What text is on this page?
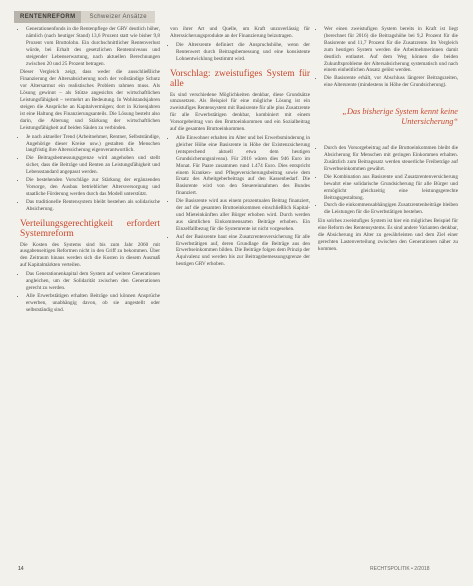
RENTENREFORM	Schweizer Ansätze
• Generationenfonds in die Rentenpflege der GRV deutlich höher, nämlich (nach heutiger Stand) 13,6 Prozent statt wie bisher 9,8 Prozent vom Bruttolohn. Ein durchschnittlicher Rentenverlust würde, bei Erhalt des gesetzlichen Rentenniveaus und steigender Lebenserwartung, nach aktuellen Berechnungen zwischen 20 und 25 Prozent betragen.

Dieser Vergleich zeigt, dass weder die ausschließliche Finanzierung der Altersabsicherung noch der vollständige Schutz vor Altersarmut ein realistisches Problem rahmen muss. Als Lösung gewinnt – als Stütze angesichts der wirtschaftlichen Leistungsfähigkeit – vermehrt an Bedeutung. In Wohlstandsjahren steigen die Ansprüche an Kapitalvermögen; dort in Krisenjahren ist eine Haltung des Finanzierungsanteils. Die Lösung besteht also darin, die Alterung und Stärkung der wirtschaftlichen Leistungsfähigkeit auf beiden Säulen zu verbinden.

• Je nach aktueller Trend (Arbeitnehmer, Rentner, Selbstständige, Angehörige dieser Kreise usw.) gestalten die Menschen langfristig ihre Alterssicherung eigenverantwortlich.
• Die Beitragsbemessungsgrenze wird angehoben und stellt sicher, dass die Beiträge und Renten an Leistungsfähigkeit und Lebensstandard angepasst werden.
• Die bestehenden Vorschläge zur Stärkung der ergänzenden Vorsorge, den Ausbau betrieblicher Altersversorgung und staatliche Förderung werden durch das Modell unterstützt.
• Das traditionelle Rentensystem bleibt bestehen als solidarische Absicherung.
Verteilungsgerechtigkeit erfordert Systemreform

Die Kosten des Systems sind bis zum Jahr 2060 mit ausgabenseitigen Reformen nicht in den Griff zu bekommen. Über den Zeitraum hinaus werden sich die Kosten in diesem Ausmaß auf Kapitalmärkten verteilen.

• Das Generationenkapital dem System auf weitere Generationen angleichen, um der Solidarität zwischen den Generationen gerecht zu werden.
• Alle Erwerbstätigen erhalten Beiträge und können Ansprüche erwerben, unabhängig davon, ob sie angestellt oder selbstständig sind.

von ihrer Art und Quelle, um Kraft unzuverlässig für Alterssicherungsprodukte an der Finanzierung beizutragen.

• Die Altersrente definiert die Anspruchshöhe, wenn der Rentenwert durch Beitragsbemessung und eine konsistente Lohnentwicklung bestimmt wird.
Vorschlag: zweistufiges System für alle

Es sind verschiedene Möglichkeiten denkbar, diese Grundsätze umzusetzen. Als Beispiel für eine mögliche Lösung ist ein zweistufiges Rentensystem mit Basisrente für alle plus Zusatzrente für alle Erwerbstätigen denkbar, kombiniert mit einem Vorsorgebeitrag von den Bruttoeinkommen und ein Sozialbeitrag auf die gesamten Bruttoeinkommen.

• Alle Einwohner erhalten im Alter und bei Erwerbsminderung in gleicher Höhe eine Basisrente in Höhe der Existenzsicherung (entsprechend aktuell etwa dem heutigen Grundsicherungsniveau). Für 2016 wären dies 946 Euro im Monat. Für Paare zusammen rund 1.474 Euro. Dies entspricht einem Kranken- und Pflegeversicherungsbeitrag sowie dem Ersatz des Arbeitgeberbeitrags auf den Kassenbedarf. Die Basisrente wird von den Steuereinnahmen des Bundes finanziert.
• Die Basisrente wird aus einem prozentualen Beitrag finanziert, der auf die gesamten Bruttoeinkommen einschließlich Kapital- und Mieteinkünften aller Bürger erhoben wird. Durch werden aus sämtlichen Einkommensarten Beiträge erhoben. Ein Einzelfallbezug für die Systemrente ist nicht vorgesehen.
• Auf der Basisrente baut eine Zusatzrentenversicherung für alle Erwerbstätigen auf, deren Grundlage die Beiträge aus den Erwerbseinkommen bilden. Die Beiträge folgen dem Prinzip der Äquivalenz und werden bis zur Beitragsbemessungsgrenze der heutigen GRV erhoben.
• Wer einen zweistufigen System bereits in Kraft ist liegt (berechnet für 2016) die Beitragshöhe bei 9,2 Prozent für die Basisrente und 11,7 Prozent für die Zusatzrente. Im Vergleich zum heutigen System werden die Arbeitnehmerinnen damit deutlich entlastet. Auf dem Weg können die beiden Zukunftsprobleme der Altersabsicherung systematisch und nach einem einheitlichen Ansatz gelöst werden.
• Die Basisrente erhält, vor Abschluss längerer Beitragszeiten, eine Altersrente (mindestens in Höhe der Grundsicherung).
„Das bisherige System kennt keine Untersicherung“
• Durch den Vorsorgebeitrag auf die Bruttoeinkommen bleibt die Absicherung für Menschen mit geringen Einkommen erhalten. Zusätzlich zum Beitragssatz werden steuerliche Freibeträge auf Erwerbseinkommen gewährt.
• Die Kombination aus Basisrente und Zusatzrentenversicherung bewahrt eine solidarische Grundsicherung für alle Bürger und ermöglicht gleichzeitig eine leistungsgerechte Beitragsgestaltung.
• Durch die einkommensabhängigen Zusatzrentenbeiträge bleiben die Leistungen für die Erwerbstätigen bestehen.

Ein solches zweistufiges System ist hier ein mögliches Beispiel für eine Reform des Rentensystems. Es sind andere Varianten denkbar, die Absicherung im Alter zu gewährleisten und dem Ziel einer gerechten Lastenverteilung zwischen den Generationen näher zu kommen.

14	RECHTSPOLITIK • 2/2018
